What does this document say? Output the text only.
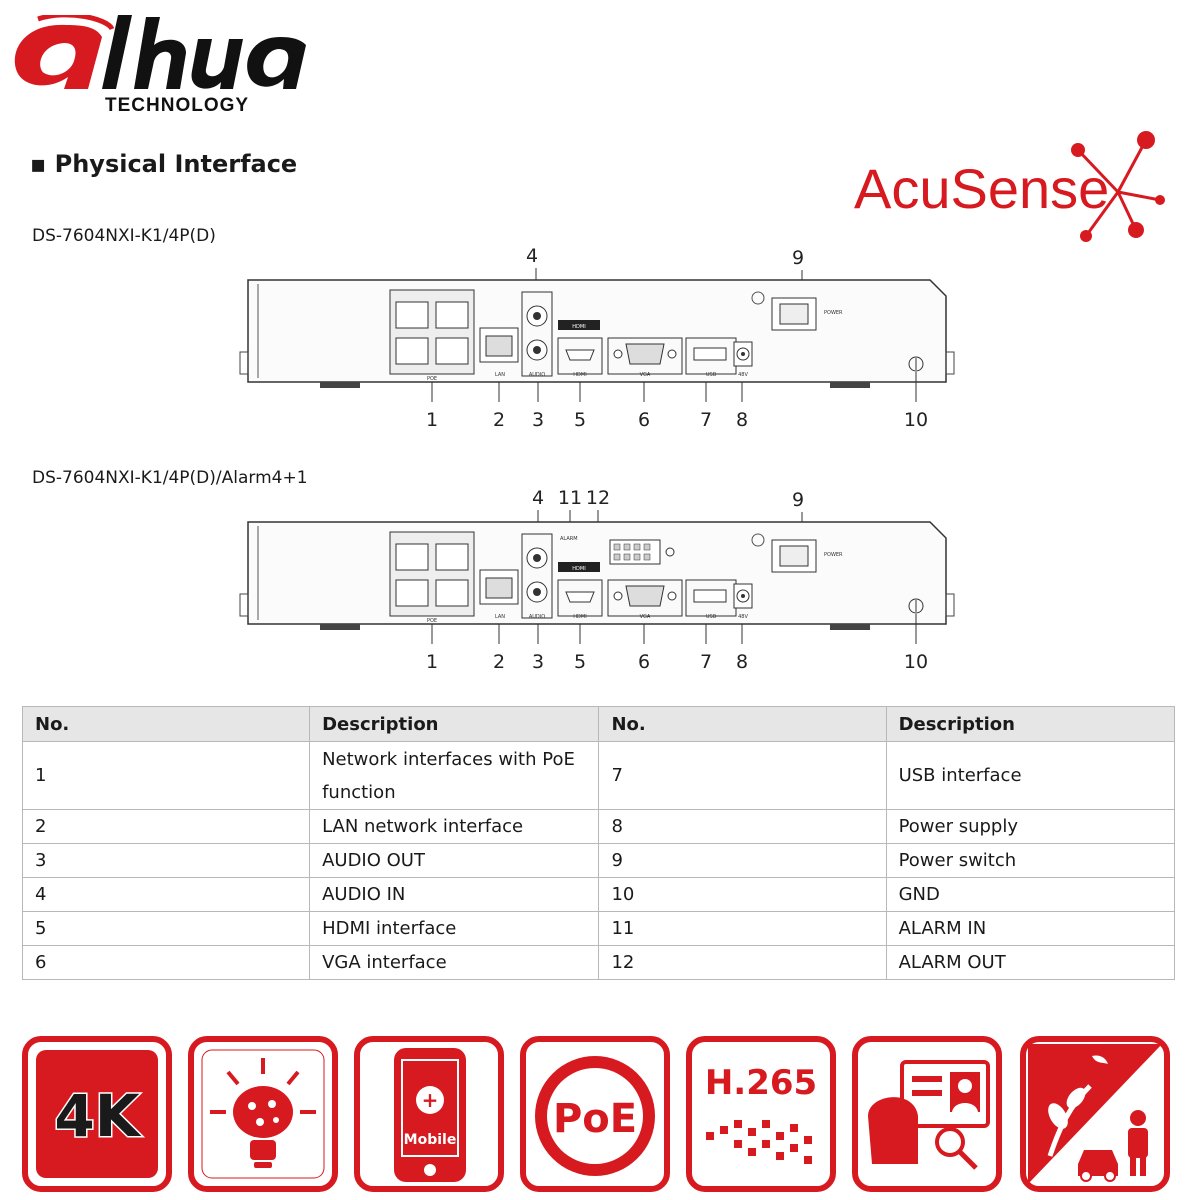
TECHNOLOGY
▪ Physical Interface	AcuSense
DS-7604NXI-K1/4P(D)
4	9
POE
LAN	AUDIO
HDMI
HDMI	VGA	USB	48V
POWER
1	2 3 5	6	7 8	10
DS-7604NXI-K1/4P(D)/Alarm4+1
4 11 12	9
POE
LAN	AUDIO
ALARM
HDMI
HDMI	VGA	USB	48V
POWER
1	2 3 5	6	7 8	10
No.	Description	No.	Description
1	Network interfaces with PoE function	7	USB interface
2	LAN network interface	8	Power supply
3	AUDIO OUT	9	Power switch
4	AUDIO IN	10	GND
5	HDMI interface	11	ALARM IN
6	VGA interface	12	ALARM OUT
4K	+
Mobile PoE
H.265
